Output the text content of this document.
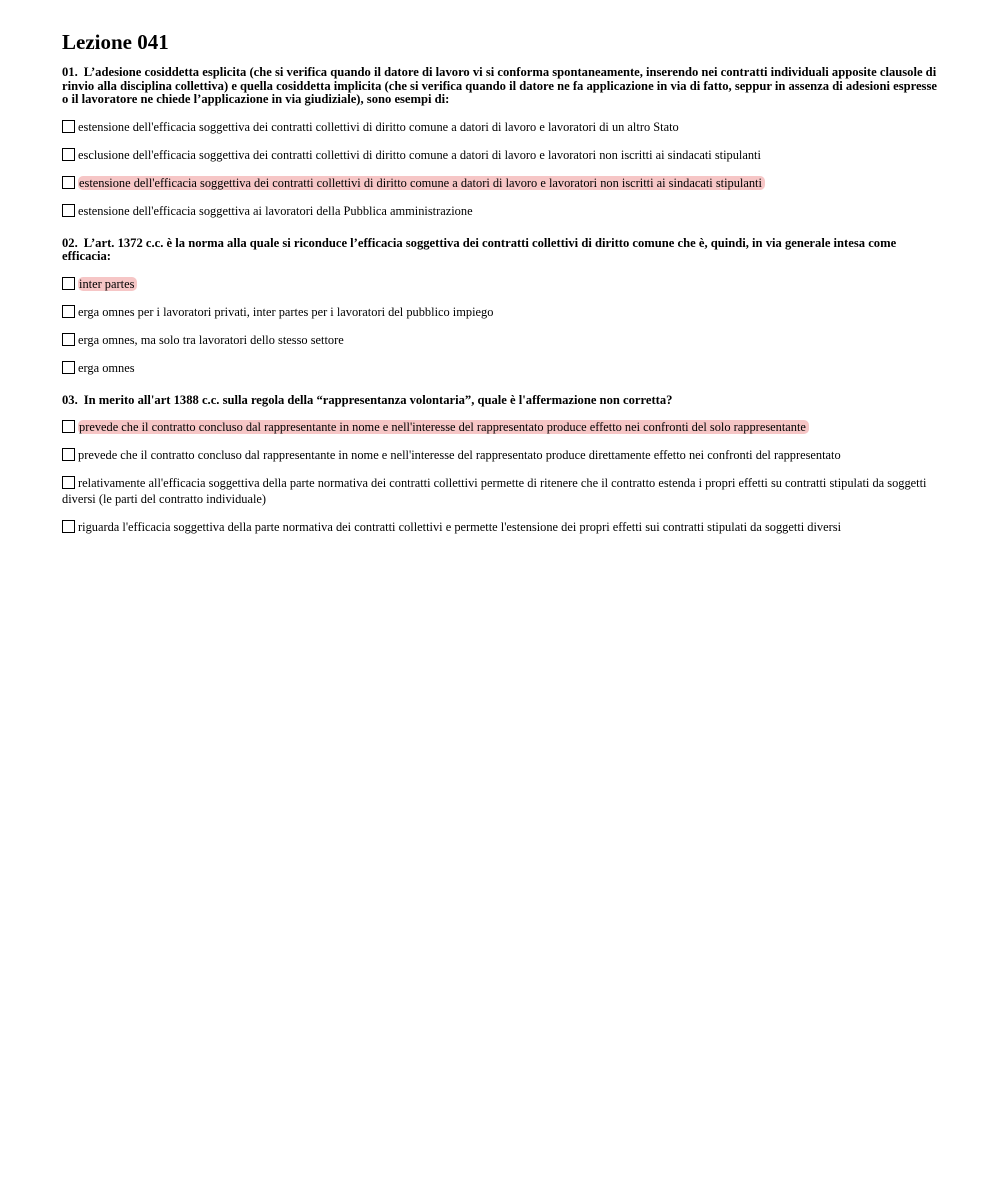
Lezione 041

01. L’adesione cosiddetta esplicita (che si verifica quando il datore di lavoro vi si conforma spontaneamente, inserendo nei contratti individuali apposite clausole di rinvio alla disciplina collettiva) e quella cosiddetta implicita (che si verifica quando il datore ne fa applicazione in via di fatto, seppur in assenza di adesioni espresse o il lavoratore ne chiede l’applicazione in via giudiziale), sono esempi di:

estensione dell'efficacia soggettiva dei contratti collettivi di diritto comune a datori di lavoro e lavoratori di un altro Stato

esclusione dell'efficacia soggettiva dei contratti collettivi di diritto comune a datori di lavoro e lavoratori non iscritti ai sindacati stipulanti

estensione dell'efficacia soggettiva dei contratti collettivi di diritto comune a datori di lavoro e lavoratori non iscritti ai sindacati stipulanti

estensione dell'efficacia soggettiva ai lavoratori della Pubblica amministrazione

02. L’art. 1372 c.c. è la norma alla quale si riconduce l’efficacia soggettiva dei contratti collettivi di diritto comune che è, quindi, in via generale intesa come efficacia:

inter partes

erga omnes per i lavoratori privati, inter partes per i lavoratori del pubblico impiego

erga omnes, ma solo tra lavoratori dello stesso settore

erga omnes

03. In merito all'art 1388 c.c. sulla regola della “rappresentanza volontaria”, quale è l'affermazione non corretta?

prevede che il contratto concluso dal rappresentante in nome e nell'interesse del rappresentato produce effetto nei confronti del solo rappresentante

prevede che il contratto concluso dal rappresentante in nome e nell'interesse del rappresentato produce direttamente effetto nei confronti del rappresentato

relativamente all'efficacia soggettiva della parte normativa dei contratti collettivi permette di ritenere che il contratto estenda i propri effetti su contratti stipulati da soggetti diversi (le parti del contratto individuale)

riguarda l'efficacia soggettiva della parte normativa dei contratti collettivi e permette l'estensione dei propri effetti sui contratti stipulati da soggetti diversi
